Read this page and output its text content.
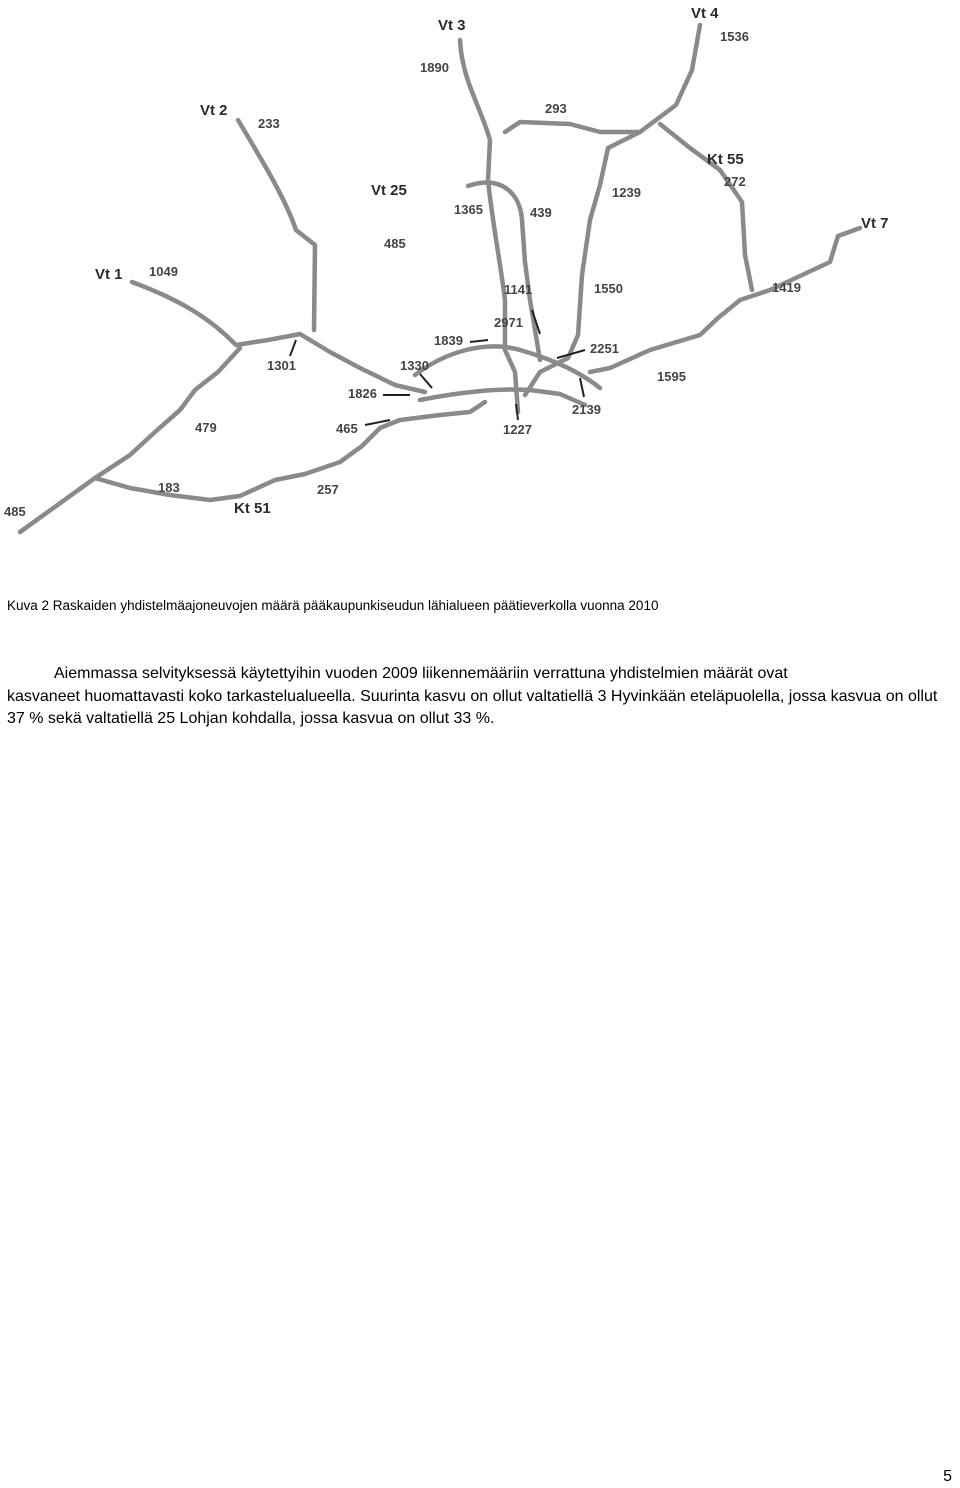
Vt 3
Vt 4
Vt 2
Vt 25
Kt 55
Vt 7
Vt 1
Kt 51
1890
1536
293
233
272
1239
1365	439
485
1049
1141	1550	1419
2971
1839
2251
1301	1330
1595
1826
2139
479	465	1227
183	257
485
Kuva 2 Raskaiden yhdistelmäajoneuvojen määrä pääkaupunkiseudun lähialueen päätieverkolla vuonna 2010

Aiemmassa selvityksessä käytettyihin vuoden 2009 liikennemääriin verrattuna yhdistelmien määrät ovat
kasvaneet huomattavasti koko tarkastelualueella. Suurinta kasvu on ollut valtatiellä 3 Hyvinkään eteläpuolella, jossa kasvua on ollut 37 % sekä valtatiellä 25 Lohjan kohdalla, jossa kasvua on ollut 33 %.

5
